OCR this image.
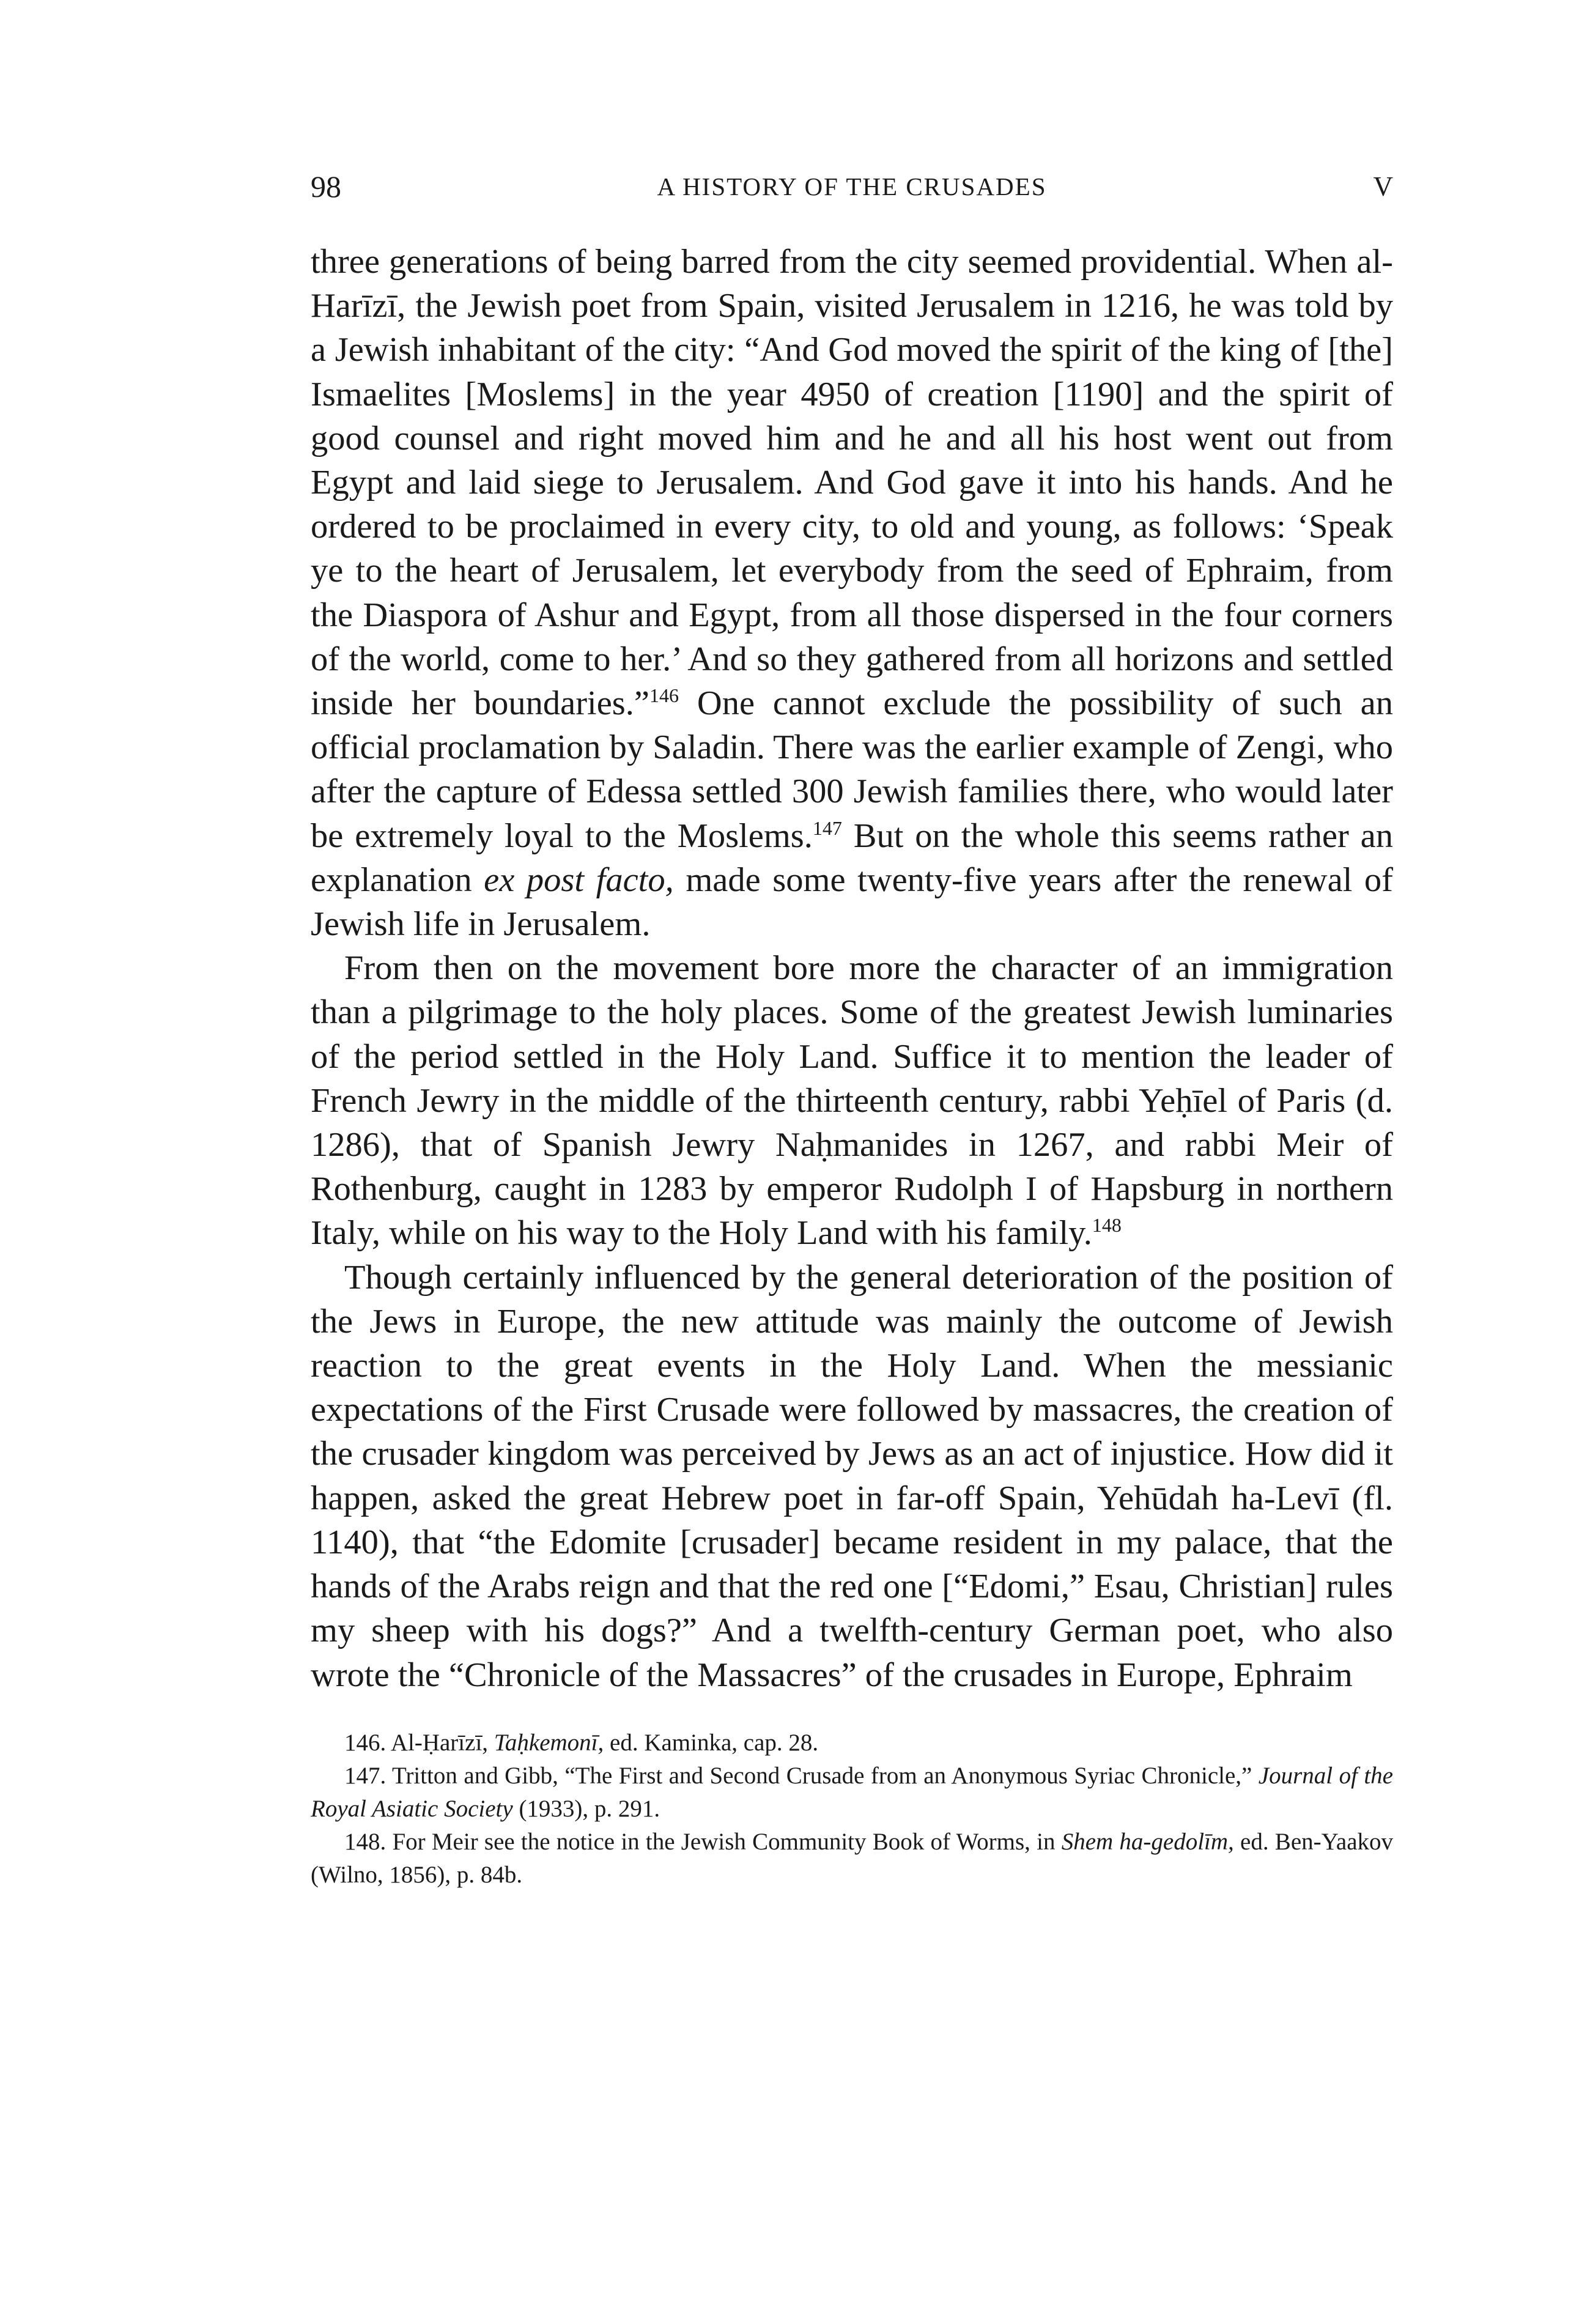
98	A HISTORY OF THE CRUSADES	V

three generations of being barred from the city seemed providential. When al-Harīzī, the Jewish poet from Spain, visited Jerusalem in 1216, he was told by a Jewish inhabitant of the city: “And God moved the spirit of the king of [the] Ismaelites [Moslems] in the year 4950 of creation [1190] and the spirit of good counsel and right moved him and he and all his host went out from Egypt and laid siege to Jerusalem. And God gave it into his hands. And he ordered to be proclaimed in every city, to old and young, as follows: ‘Speak ye to the heart of Jerusalem, let everybody from the seed of Ephraim, from the Diaspora of Ashur and Egypt, from all those dispersed in the four corners of the world, come to her.’ And so they gathered from all horizons and settled inside her boundaries.”$^{146}$ One cannot exclude the possibility of such an official proclamation by Saladin. There was the earlier example of Zengi, who after the capture of Edessa settled 300 Jewish families there, who would later be extremely loyal to the Moslems.$^{147}$ But on the whole this seems rather an explanation ex post facto, made some twenty-five years after the renewal of Jewish life in Jerusalem.

From then on the movement bore more the character of an immigration than a pilgrimage to the holy places. Some of the greatest Jewish luminaries of the period settled in the Holy Land. Suffice it to mention the leader of French Jewry in the middle of the thirteenth century, rabbi Yeḥīel of Paris (d. 1286), that of Spanish Jewry Naḥmanides in 1267, and rabbi Meir of Rothenburg, caught in 1283 by emperor Rudolph I of Hapsburg in northern Italy, while on his way to the Holy Land with his family.$^{148}$

Though certainly influenced by the general deterioration of the position of the Jews in Europe, the new attitude was mainly the outcome of Jewish reaction to the great events in the Holy Land. When the messianic expectations of the First Crusade were followed by massacres, the creation of the crusader kingdom was perceived by Jews as an act of injustice. How did it happen, asked the great Hebrew poet in far-off Spain, Yehūdah ha-Levī (fl. 1140), that “the Edomite [crusader] became resident in my palace, that the hands of the Arabs reign and that the red one [“Edomi,” Esau, Christian] rules my sheep with his dogs?” And a twelfth-century German poet, who also wrote the “Chronicle of the Massacres” of the crusades in Europe, Ephraim

146. Al-Ḥarīzī, Taḥkemonī, ed. Kaminka, cap. 28.

147. Tritton and Gibb, “The First and Second Crusade from an Anonymous Syriac Chronicle,” Journal of the Royal Asiatic Society (1933), p. 291.

148. For Meir see the notice in the Jewish Community Book of Worms, in Shem ha-gedolīm, ed. Ben-Yaakov (Wilno, 1856), p. 84b.
